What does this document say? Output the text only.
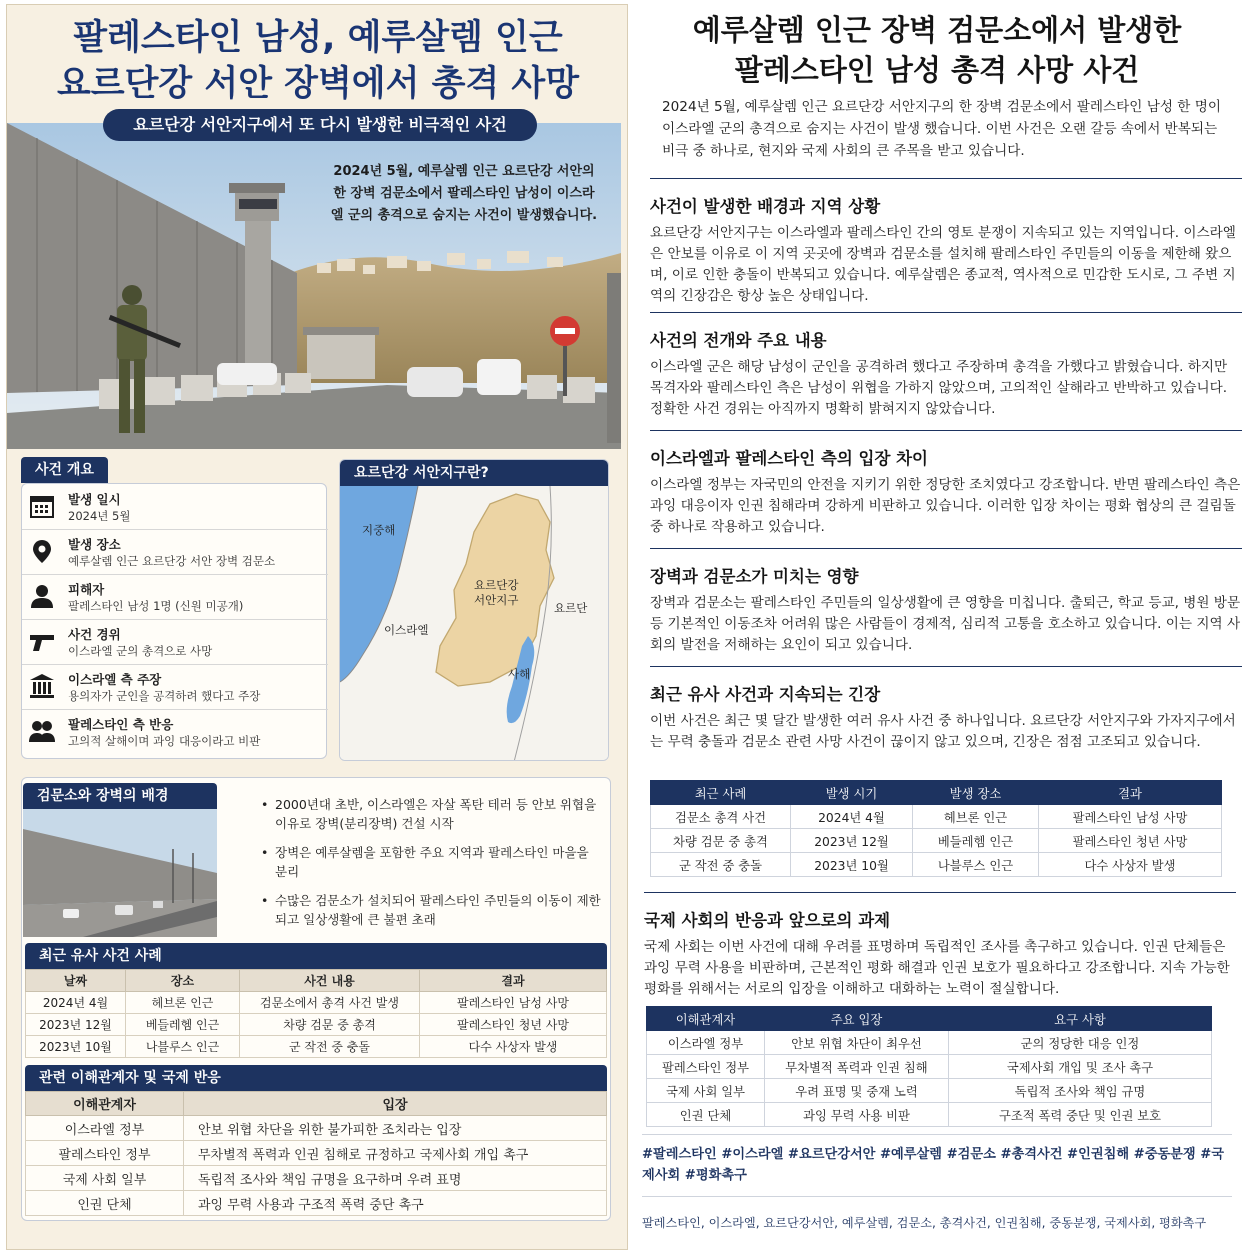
팔레스타인 남성, 예루살렘 인근
요르단강 서안 장벽에서 총격 사망
2024년 5월, 예루살렘 인근 요르단강 서안의 한 장벽 검문소에서 팔레스타인 남성이 이스라엘 군의 총격으로 숨지는 사건이 발생했습니다.
요르단강 서안지구에서 또 다시 발생한 비극적인 사건
사건 개요
발생 일시
2024년 5월
발생 장소
예루살렘 인근 요르단강 서안 장벽 검문소
피해자
팔레스타인 남성 1명 (신원 미공개)
사건 경위
이스라엘 군의 총격으로 사망
이스라엘 측 주장
용의자가 군인을 공격하려 했다고 주장
팔레스타인 측 반응
고의적 살해이며 과잉 대응이라고 비판
요르단강 서안지구란?
지중해
요르단강
서안지구
요르단
이스라엘
사해
검문소와 장벽의 배경
• 2000년대 초반, 이스라엘은 자살 폭탄 테러 등 안보 위협을 이유로 장벽(분리장벽) 건설 시작
• 장벽은 예루살렘을 포함한 주요 지역과 팔레스타인 마을을 분리
• 수많은 검문소가 설치되어 팔레스타인 주민들의 이동이 제한되고 일상생활에 큰 불편 초래
최근 유사 사건 사례
날짜	장소	사건 내용	결과
2024년 4월	헤브론 인근	검문소에서 총격 사건 발생	팔레스타인 남성 사망
2023년 12월	베들레헴 인근	차량 검문 중 총격	팔레스타인 청년 사망
2023년 10월	나블루스 인근	군 작전 중 충돌	다수 사상자 발생
관련 이해관계자 및 국제 반응
이해관계자	입장
이스라엘 정부	안보 위협 차단을 위한 불가피한 조치라는 입장
팔레스타인 정부	무차별적 폭력과 인권 침해로 규정하고 국제사회 개입 촉구
국제 사회 일부	독립적 조사와 책임 규명을 요구하며 우려 표명
인권 단체	과잉 무력 사용과 구조적 폭력 중단 촉구
예루살렘 인근 장벽 검문소에서 발생한
팔레스타인 남성 총격 사망 사건
2024년 5월, 예루살렘 인근 요르단강 서안지구의 한 장벽 검문소에서 팔레스타인 남성 한 명이 이스라엘 군의 총격으로 숨지는 사건이 발생 했습니다. 이번 사건은 오랜 갈등 속에서 반복되는 비극 중 하나로, 현지와 국제 사회의 큰 주목을 받고 있습니다.
사건이 발생한 배경과 지역 상황

요르단강 서안지구는 이스라엘과 팔레스타인 간의 영토 분쟁이 지속되고 있는 지역입니다. 이스라엘은 안보를 이유로 이 지역 곳곳에 장벽과 검문소를 설치해 팔레스타인 주민들의 이동을 제한해 왔으며, 이로 인한 충돌이 반복되고 있습니다. 예루살렘은 종교적, 역사적으로 민감한 도시로, 그 주변 지역의 긴장감은 항상 높은 상태입니다.

사건의 전개와 주요 내용

이스라엘 군은 해당 남성이 군인을 공격하려 했다고 주장하며 총격을 가했다고 밝혔습니다. 하지만 목격자와 팔레스타인 측은 남성이 위협을 가하지 않았으며, 고의적인 살해라고 반박하고 있습니다. 정확한 사건 경위는 아직까지 명확히 밝혀지지 않았습니다.

이스라엘과 팔레스타인 측의 입장 차이

이스라엘 정부는 자국민의 안전을 지키기 위한 정당한 조치였다고 강조합니다. 반면 팔레스타인 측은 과잉 대응이자 인권 침해라며 강하게 비판하고 있습니다. 이러한 입장 차이는 평화 협상의 큰 걸림돌 중 하나로 작용하고 있습니다.

장벽과 검문소가 미치는 영향

장벽과 검문소는 팔레스타인 주민들의 일상생활에 큰 영향을 미칩니다. 출퇴근, 학교 등교, 병원 방문 등 기본적인 이동조차 어려워 많은 사람들이 경제적, 심리적 고통을 호소하고 있습니다. 이는 지역 사회의 발전을 저해하는 요인이 되고 있습니다.

최근 유사 사건과 지속되는 긴장

이번 사건은 최근 몇 달간 발생한 여러 유사 사건 중 하나입니다. 요르단강 서안지구와 가자지구에서는 무력 충돌과 검문소 관련 사망 사건이 끊이지 않고 있으며, 긴장은 점점 고조되고 있습니다.

최근 사례	발생 시기	발생 장소	결과
검문소 총격 사건	2024년 4월	헤브론 인근	팔레스타인 남성 사망
차량 검문 중 총격	2023년 12월	베들레헴 인근	팔레스타인 청년 사망
군 작전 중 충돌	2023년 10월	나블루스 인근	다수 사상자 발생
국제 사회의 반응과 앞으로의 과제

국제 사회는 이번 사건에 대해 우려를 표명하며 독립적인 조사를 촉구하고 있습니다. 인권 단체들은 과잉 무력 사용을 비판하며, 근본적인 평화 해결과 인권 보호가 필요하다고 강조합니다. 지속 가능한 평화를 위해서는 서로의 입장을 이해하고 대화하는 노력이 절실합니다.

이해관계자	주요 입장	요구 사항
이스라엘 정부	안보 위협 차단이 최우선	군의 정당한 대응 인정
팔레스타인 정부	무차별적 폭력과 인권 침해	국제사회 개입 및 조사 촉구
국제 사회 일부	우려 표명 및 중재 노력	독립적 조사와 책임 규명
인권 단체	과잉 무력 사용 비판	구조적 폭력 중단 및 인권 보호
#팔레스타인 #이스라엘 #요르단강서안 #예루살렘 #검문소 #총격사건 #인권침해 #중동분쟁 #국제사회 #평화촉구
팔레스타인, 이스라엘, 요르단강서안, 예루살렘, 검문소, 총격사건, 인권침해, 중동분쟁, 국제사회, 평화촉구
